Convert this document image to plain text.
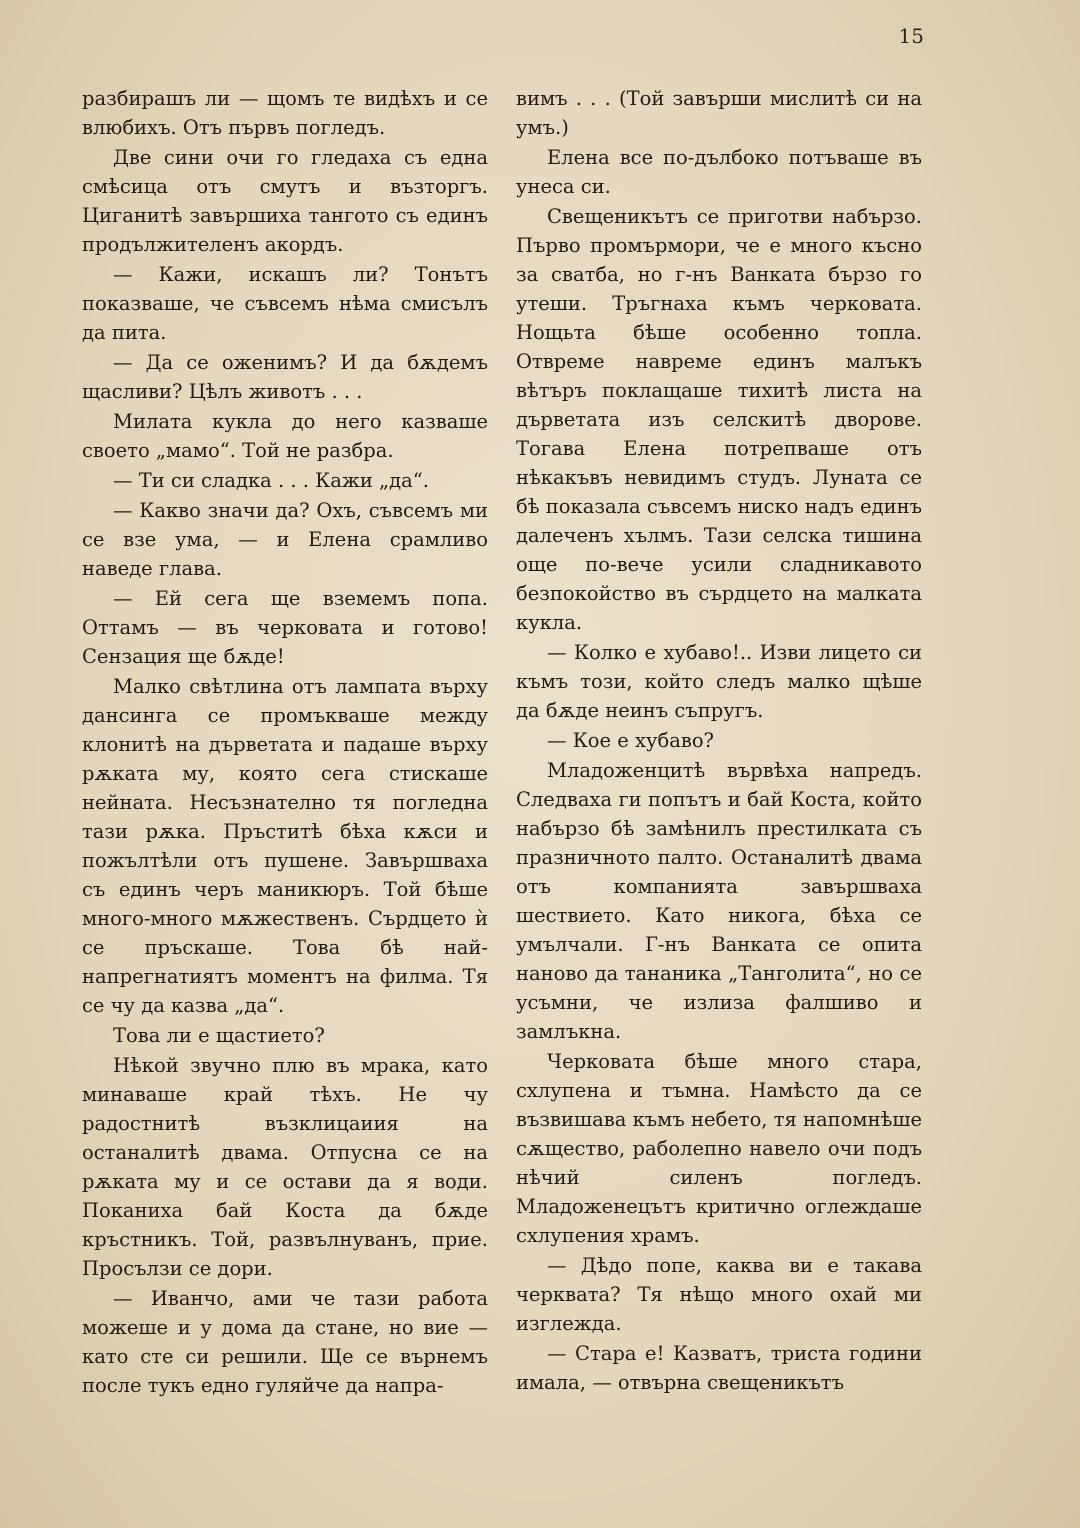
15

разбирашъ ли — щомъ те видѣхъ и се влюбихъ. Отъ първъ погледъ.

Две сини очи го гледаха съ една смѣсица отъ смутъ и възторгъ. Циганитѣ завършиха тангото съ единъ продължителенъ акордъ.

— Кажи, искашъ ли? Тонътъ показваше, че съвсемъ нѣма смисълъ да пита.

— Да се оженимъ? И да бѫдемъ щасливи? Цѣлъ животъ . . .

Милата кукла до него казваше своето „мамо“. Той не разбра.

— Ти си сладка . . . Кажи „да“.

— Какво значи да? Охъ, съвсемъ ми се взе ума, — и Елена срамливо наведе глава.

— Ей сега ще вземемъ попа. Оттамъ — въ черковата и готово! Сензация ще бѫде!

Малко свѣтлина отъ лампата върху дансинга се промъкваше между клонитѣ на дърветата и падаше върху рѫката му, която сега стискаше нейната. Несъзнателно тя погледна тази рѫка. Пръститѣ бѣха кѫси и пожълтѣли отъ пушене. Завършваха съ единъ черъ маникюръ. Той бѣше много-много мѫжественъ. Сърдцето ѝ се пръскаше. Това бѣ най-напрегнатиятъ моментъ на филма. Тя се чу да казва „да“.

Това ли е щастието?

Нѣкой звучно плю въ мрака, като минаваше край тѣхъ. Не чу радостнитѣ възклицаиия на останалитѣ двама. Отпусна се на рѫката му и се остави да я води. Поканиха бай Коста да бѫде кръстникъ. Той, развълнуванъ, прие. Просълзи се дори.

— Иванчо, ами че тази работа можеше и у дома да стане, но вие — като сте си решили. Ще се върнемъ после тукъ едно гуляйче да напра-

вимъ . . . (Той завърши мислитѣ си на умъ.)

Елена все по-дълбоко потъваше въ унеса си.

Свещеникътъ се приготви набързо. Първо промърмори, че е много късно за сватба, но г-нъ Ванката бързо го утеши. Тръгнаха къмъ черковата. Нощьта бѣше особенно топла. Отвреме навреме единъ малъкъ вѣтъръ поклащаше тихитѣ листа на дърветата изъ селскитѣ дворове. Тогава Елена потрепваше отъ нѣкакъвъ невидимъ студъ. Луната се бѣ показала съвсемъ ниско надъ единъ далеченъ хълмъ. Тази селска тишина още по-вече усили сладникавото безпокойство въ сърдцето на малката кукла.

— Колко е хубаво!.. Изви лицето си къмъ този, който следъ малко щѣше да бѫде неинъ съпругъ.

— Кое е хубаво?

Младоженцитѣ вървѣха напредъ. Следваха ги попътъ и бай Коста, който набързо бѣ замѣнилъ престилката съ празничното палто. Останалитѣ двама отъ компанията завършваха шествието. Като никога, бѣха се умълчали. Г-нъ Ванката се опита наново да тананика „Танголита“, но се усъмни, че излиза фалшиво и замлъкна.

Черковата бѣше много стара, схлупена и тъмна. Намѣсто да се възвишава къмъ небето, тя напомнѣше сѫщество, раболепно навело очи подъ нѣчий силенъ погледъ. Младоженецътъ критично оглеждаше схлупения храмъ.

— Дѣдо попе, каква ви е такава черквата? Тя нѣщо много охай ми изглежда.

— Стара е! Казватъ, триста години имала, — отвърна свещеникътъ
